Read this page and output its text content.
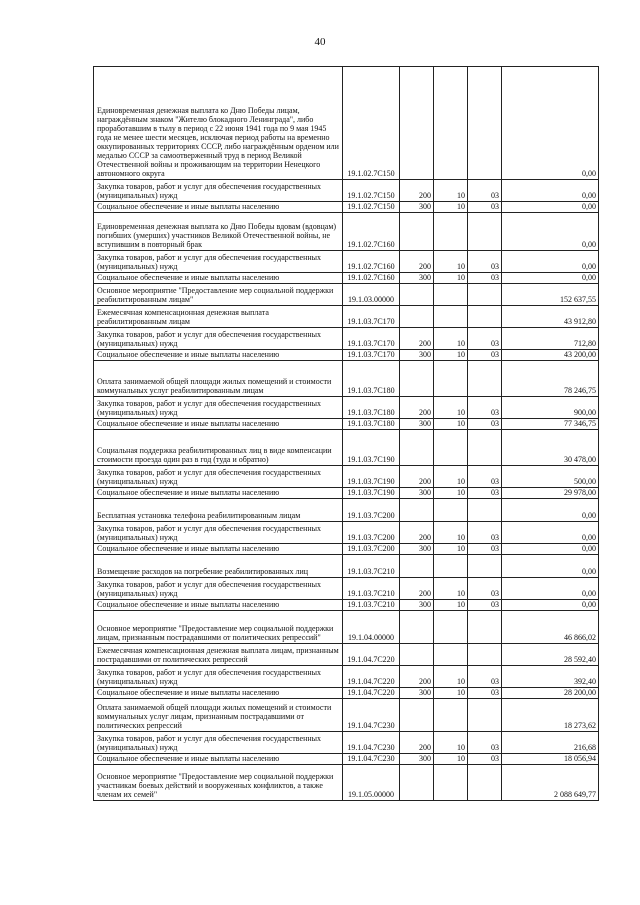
40
Единовременная денежная выплата ко Дню Победы лицам, награждённым знаком "Жителю блокадного Ленинграда", либо проработавшим в тылу в период с 22 июня 1941 года по 9 мая 1945 года не менее шести месяцев, исключая период работы на временно оккупированных территориях СССР, либо награждённым орденом или медалью СССР за самоотверженный труд в период Великой Отечественной войны и проживающим на территории Ненецкого автономного округа	19.1.02.7С150				0,00
Закупка товаров, работ и услуг для обеспечения государственных (муниципальных) нужд	19.1.02.7С150	200	10	03	0,00
Социальное обеспечение и иные выплаты населению	19.1.02.7С150	300	10	03	0,00
Единовременная денежная выплата ко Дню Победы вдовам (вдовцам) погибших (умерших) участников Великой Отечественной войны, не вступившим в повторный брак	19.1.02.7С160				0,00
Закупка товаров, работ и услуг для обеспечения государственных (муниципальных) нужд	19.1.02.7С160	200	10	03	0,00
Социальное обеспечение и иные выплаты населению	19.1.02.7С160	300	10	03	0,00
Основное мероприятие "Предоставление мер социальной поддержки реабилитированным лицам"	19.1.03.00000				152 637,55
Ежемесячная компенсационная денежная выплата реабилитированным лицам	19.1.03.7С170				43 912,80
Закупка товаров, работ и услуг для обеспечения государственных (муниципальных) нужд	19.1.03.7С170	200	10	03	712,80
Социальное обеспечение и иные выплаты населению	19.1.03.7С170	300	10	03	43 200,00
Оплата занимаемой общей площади жилых помещений и стоимости коммунальных услуг реабилитированным лицам	19.1.03.7С180				78 246,75
Закупка товаров, работ и услуг для обеспечения государственных (муниципальных) нужд	19.1.03.7С180	200	10	03	900,00
Социальное обеспечение и иные выплаты населению	19.1.03.7С180	300	10	03	77 346,75
Социальная поддержка реабилитированных лиц в виде компенсации стоимости проезда один раз в год (туда и обратно)	19.1.03.7С190				30 478,00
Закупка товаров, работ и услуг для обеспечения государственных (муниципальных) нужд	19.1.03.7С190	200	10	03	500,00
Социальное обеспечение и иные выплаты населению	19.1.03.7С190	300	10	03	29 978,00
Бесплатная установка телефона реабилитированным лицам	19.1.03.7С200				0,00
Закупка товаров, работ и услуг для обеспечения государственных (муниципальных) нужд	19.1.03.7С200	200	10	03	0,00
Социальное обеспечение и иные выплаты населению	19.1.03.7С200	300	10	03	0,00
Возмещение расходов на погребение реабилитированных лиц	19.1.03.7С210				0,00
Закупка товаров, работ и услуг для обеспечения государственных (муниципальных) нужд	19.1.03.7С210	200	10	03	0,00
Социальное обеспечение и иные выплаты населению	19.1.03.7С210	300	10	03	0,00
Основное мероприятие "Предоставление мер социальной поддержки лицам, признанным пострадавшими от политических репрессий"	19.1.04.00000				46 866,02
Ежемесячная компенсационная денежная выплата лицам, признанным пострадавшими от политических репрессий	19.1.04.7С220				28 592,40
Закупка товаров, работ и услуг для обеспечения государственных (муниципальных) нужд	19.1.04.7С220	200	10	03	392,40
Социальное обеспечение и иные выплаты населению	19.1.04.7С220	300	10	03	28 200,00
Оплата занимаемой общей площади жилых помещений и стоимости коммунальных услуг лицам, признанным пострадавшими от политических репрессий	19.1.04.7С230				18 273,62
Закупка товаров, работ и услуг для обеспечения государственных (муниципальных) нужд	19.1.04.7С230	200	10	03	216,68
Социальное обеспечение и иные выплаты населению	19.1.04.7С230	300	10	03	18 056,94
Основное мероприятие "Предоставление мер социальной поддержки участникам боевых действий и вооруженных конфликтов, а также членам их семей"	19.1.05.00000				2 088 649,77
